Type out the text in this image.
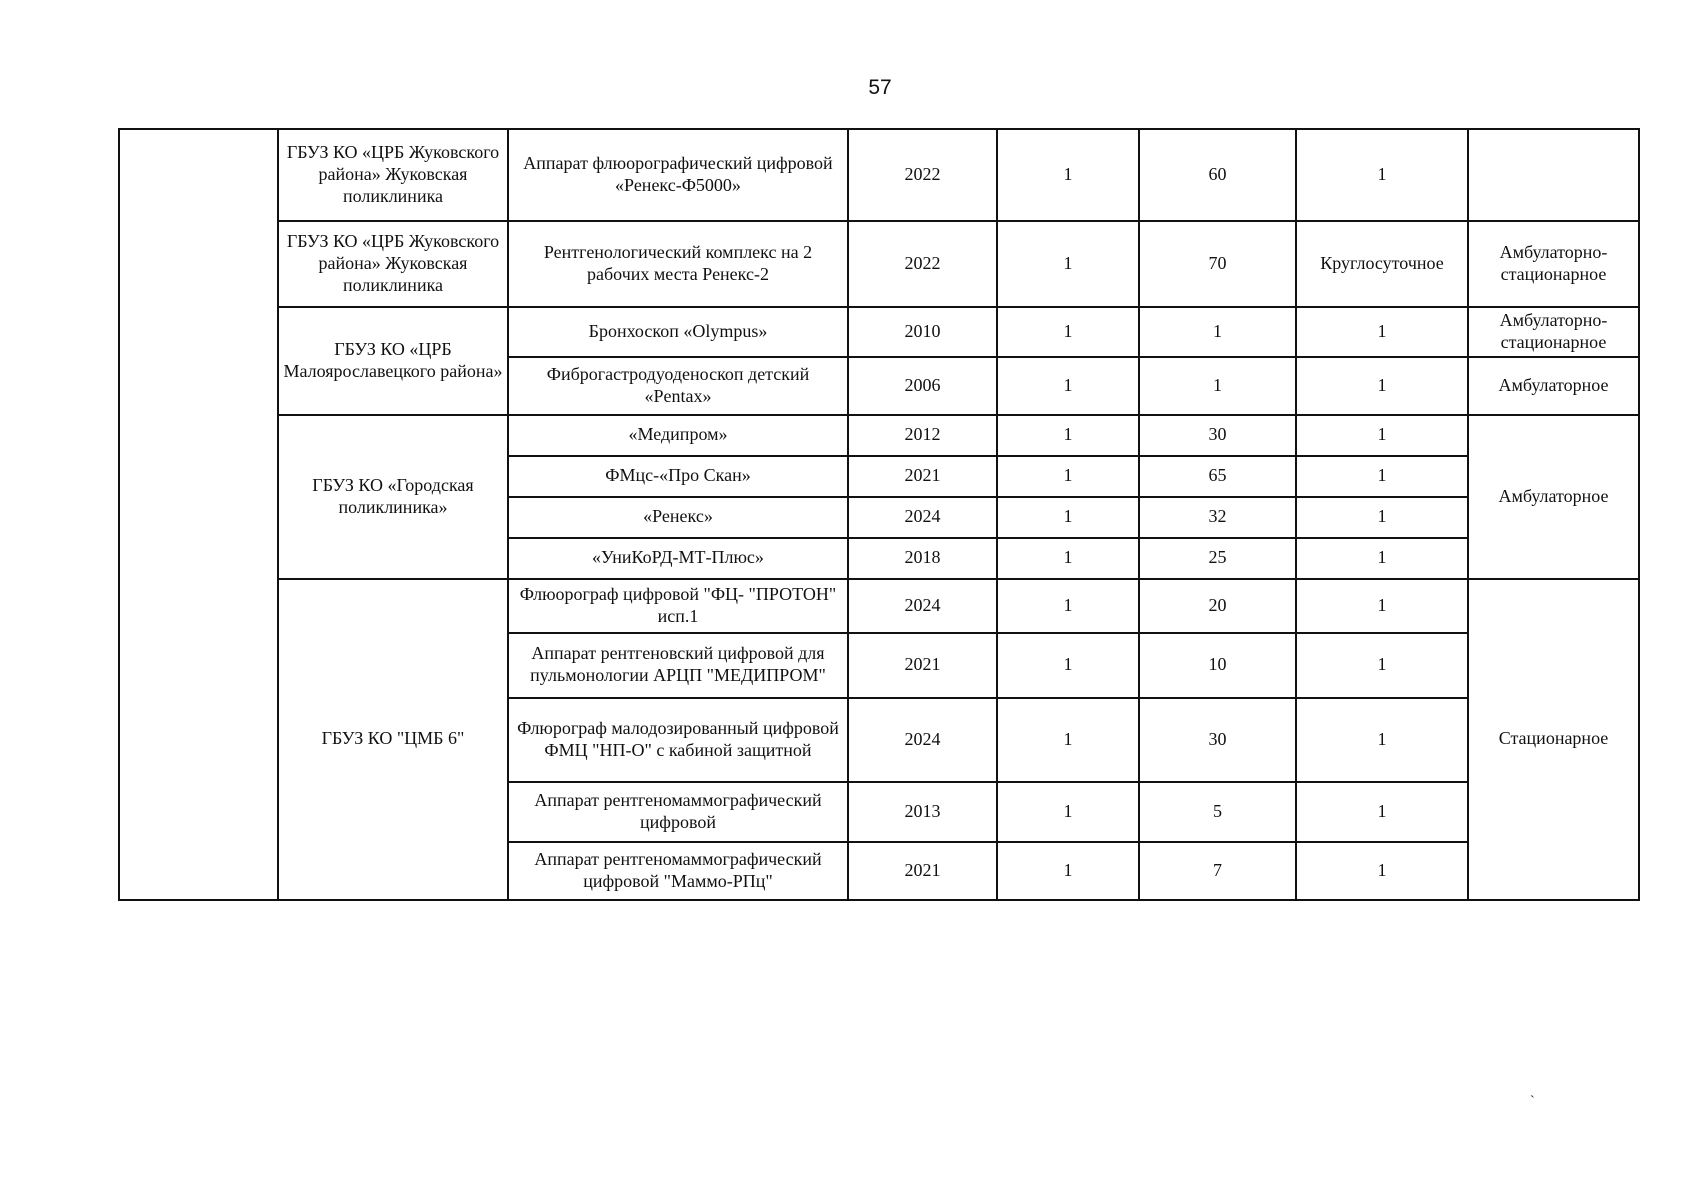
57
	ГБУЗ КО «ЦРБ Жуковского района» Жуковская поликлиника	Аппарат флюорографический цифровой «Ренекс-Ф5000»	2022	1	60	1	
	ГБУЗ КО «ЦРБ Жуковского района» Жуковская поликлиника	Рентгенологический комплекс на 2 рабочих места Ренекс-2	2022	1	70	Круглосуточное	Амбулаторно-стационарное
	ГБУЗ КО «ЦРБ Малоярославецкого района»	Бронхоскоп «Olympus»	2010	1	1	1	Амбулаторно-стационарное
		Фиброгастродуоденоскоп детский «Pentax»	2006	1	1	1	Амбулаторное
	ГБУЗ КО «Городская поликлиника»	«Медипром»	2012	1	30	1	Амбулаторное
		ФМцс-«Про Скан»	2021	1	65	1	
		«Ренекс»	2024	1	32	1	
		«УниКоРД-МТ-Плюс»	2018	1	25	1	
	ГБУЗ КО "ЦМБ 6"	Флюорограф цифровой "ФЦ- "ПРОТОН" исп.1	2024	1	20	1	Стационарное
		Аппарат рентгеновский цифровой для пульмонологии АРЦП "МЕДИПРОМ"	2021	1	10	1	
		Флюрограф малодозированный цифровой ФМЦ "НП-О" с кабиной защитной	2024	1	30	1	
		Аппарат рентгеномаммографический цифровой	2013	1	5	1	
		Аппарат рентгеномаммографический цифровой "Маммо-РПц"	2021	1	7	1	
`
